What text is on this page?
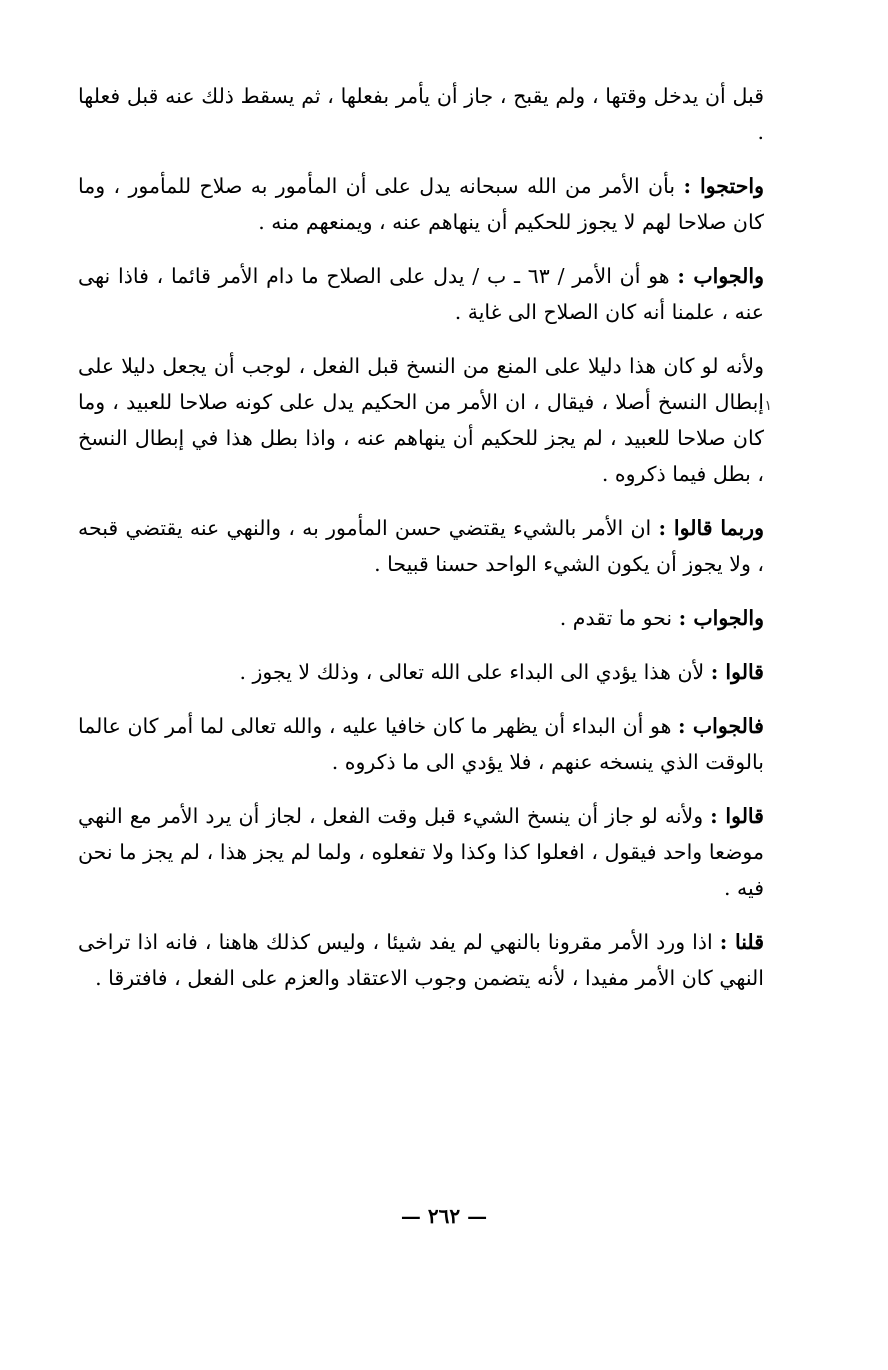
قبل أن يدخل وقتها ، ولم يقبح ، جاز أن يأمر بفعلها ، ثم يسقط ذلك عنه قبل فعلها .

واحتجوا : بأن الأمر من الله سبحانه يدل على أن المأمور به صلاح للمأمور ، وما كان صلاحا لهم لا يجوز للحكيم أن ينهاهم عنه ، ويمنعهم منه .

والجواب : هو أن الأمر / ٦٣ ـ ب / يدل على الصلاح ما دام الأمر قائما ، فاذا نهى عنه ، علمنا أنه كان الصلاح الى غاية .

ولأنه لو كان هذا دليلا على المنع من النسخ قبل الفعل ، لوجب أن يجعل دليلا على إبطال النسخ أصلا ، فيقال ، ان الأمر من الحكيم يدل على كونه صلاحا للعبيد ، وما كان صلاحا للعبيد ، لم يجز للحكيم أن ينهاهم عنه ، واذا بطل هذا في إبطال النسخ ، بطل فيما ذكروه .

وربما قالوا : ان الأمر بالشيء يقتضي حسن المأمور به ، والنهي عنه يقتضي قبحه ، ولا يجوز أن يكون الشيء الواحد حسنا قبيحا .

والجواب : نحو ما تقدم .

قالوا : لأن هذا يؤدي الى البداء على الله تعالى ، وذلك لا يجوز .

فالجواب : هو أن البداء أن يظهر ما كان خافيا عليه ، والله تعالى لما أمر كان عالما بالوقت الذي ينسخه عنهم ، فلا يؤدي الى ما ذكروه .

قالوا : ولأنه لو جاز أن ينسخ الشيء قبل وقت الفعل ، لجاز أن يرد الأمر مع النهي موضعا واحد فيقول ، افعلوا كذا وكذا ولا تفعلوه ، ولما لم يجز هذا ، لم يجز ما نحن فيه .

قلنا : اذا ورد الأمر مقرونا بالنهي لم يفد شيئا ، وليس كذلك هاهنا ، فانه اذا تراخى النهي كان الأمر مفيدا ، لأنه يتضمن وجوب الاعتقاد والعزم على الفعل ، فافترقا .

١
— ٢٦٢ —
